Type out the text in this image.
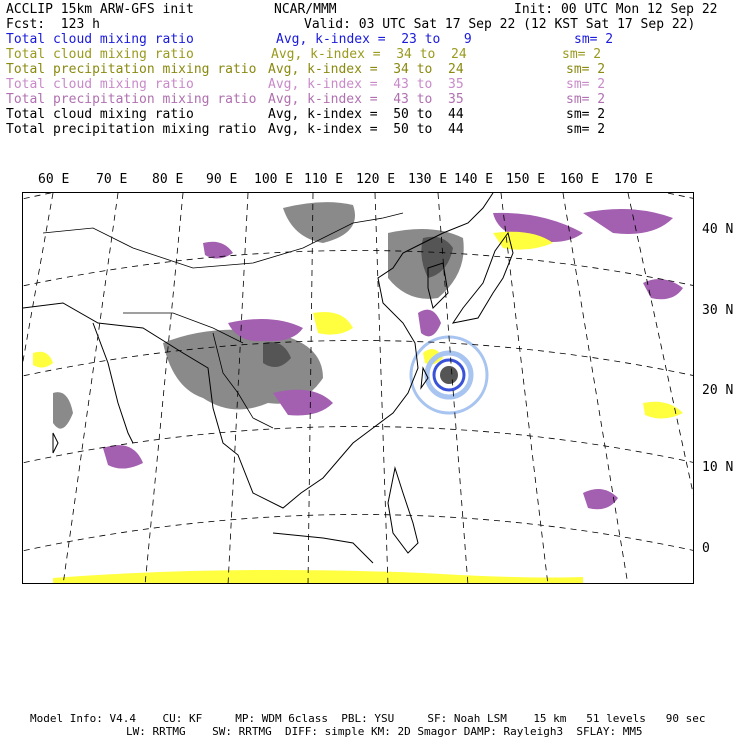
ACCLIP 15km ARW-GFS init	NCAR/MMM	Init: 00 UTC Mon 12 Sep 22
Fcst:  123 h	Valid: 03 UTC Sat 17 Sep 22 (12 KST Sat 17 Sep 22)
Total cloud mixing ratio	Avg, k-index =  23 to   9	sm= 2
Total cloud mixing ratio	Avg, k-index =  34 to  24	sm= 2
Total precipitation mixing ratio Avg, k-index =  34 to  24	sm= 2
Total cloud mixing ratio	Avg, k-index =  43 to  35	sm= 2
Total precipitation mixing ratio Avg, k-index =  43 to  35	sm= 2
Total cloud mixing ratio	Avg, k-index =  50 to  44	sm= 2
Total precipitation mixing ratio Avg, k-index =  50 to  44	sm= 2
60 E 70 E 80 E 90 E 100 E 110 E 120 E 130 E 140 E 150 E 160 E 170 E
40 N
30 N
20 N
10 N
0
Model Info: V4.4    CU: KF     MP: WDM 6class  PBL: YSU     SF: Noah LSM    15 km   51 levels   90 sec
LW: RRTMG    SW: RRTMG  DIFF: simple KM: 2D Smagor DAMP: Rayleigh3  SFLAY: MM5
